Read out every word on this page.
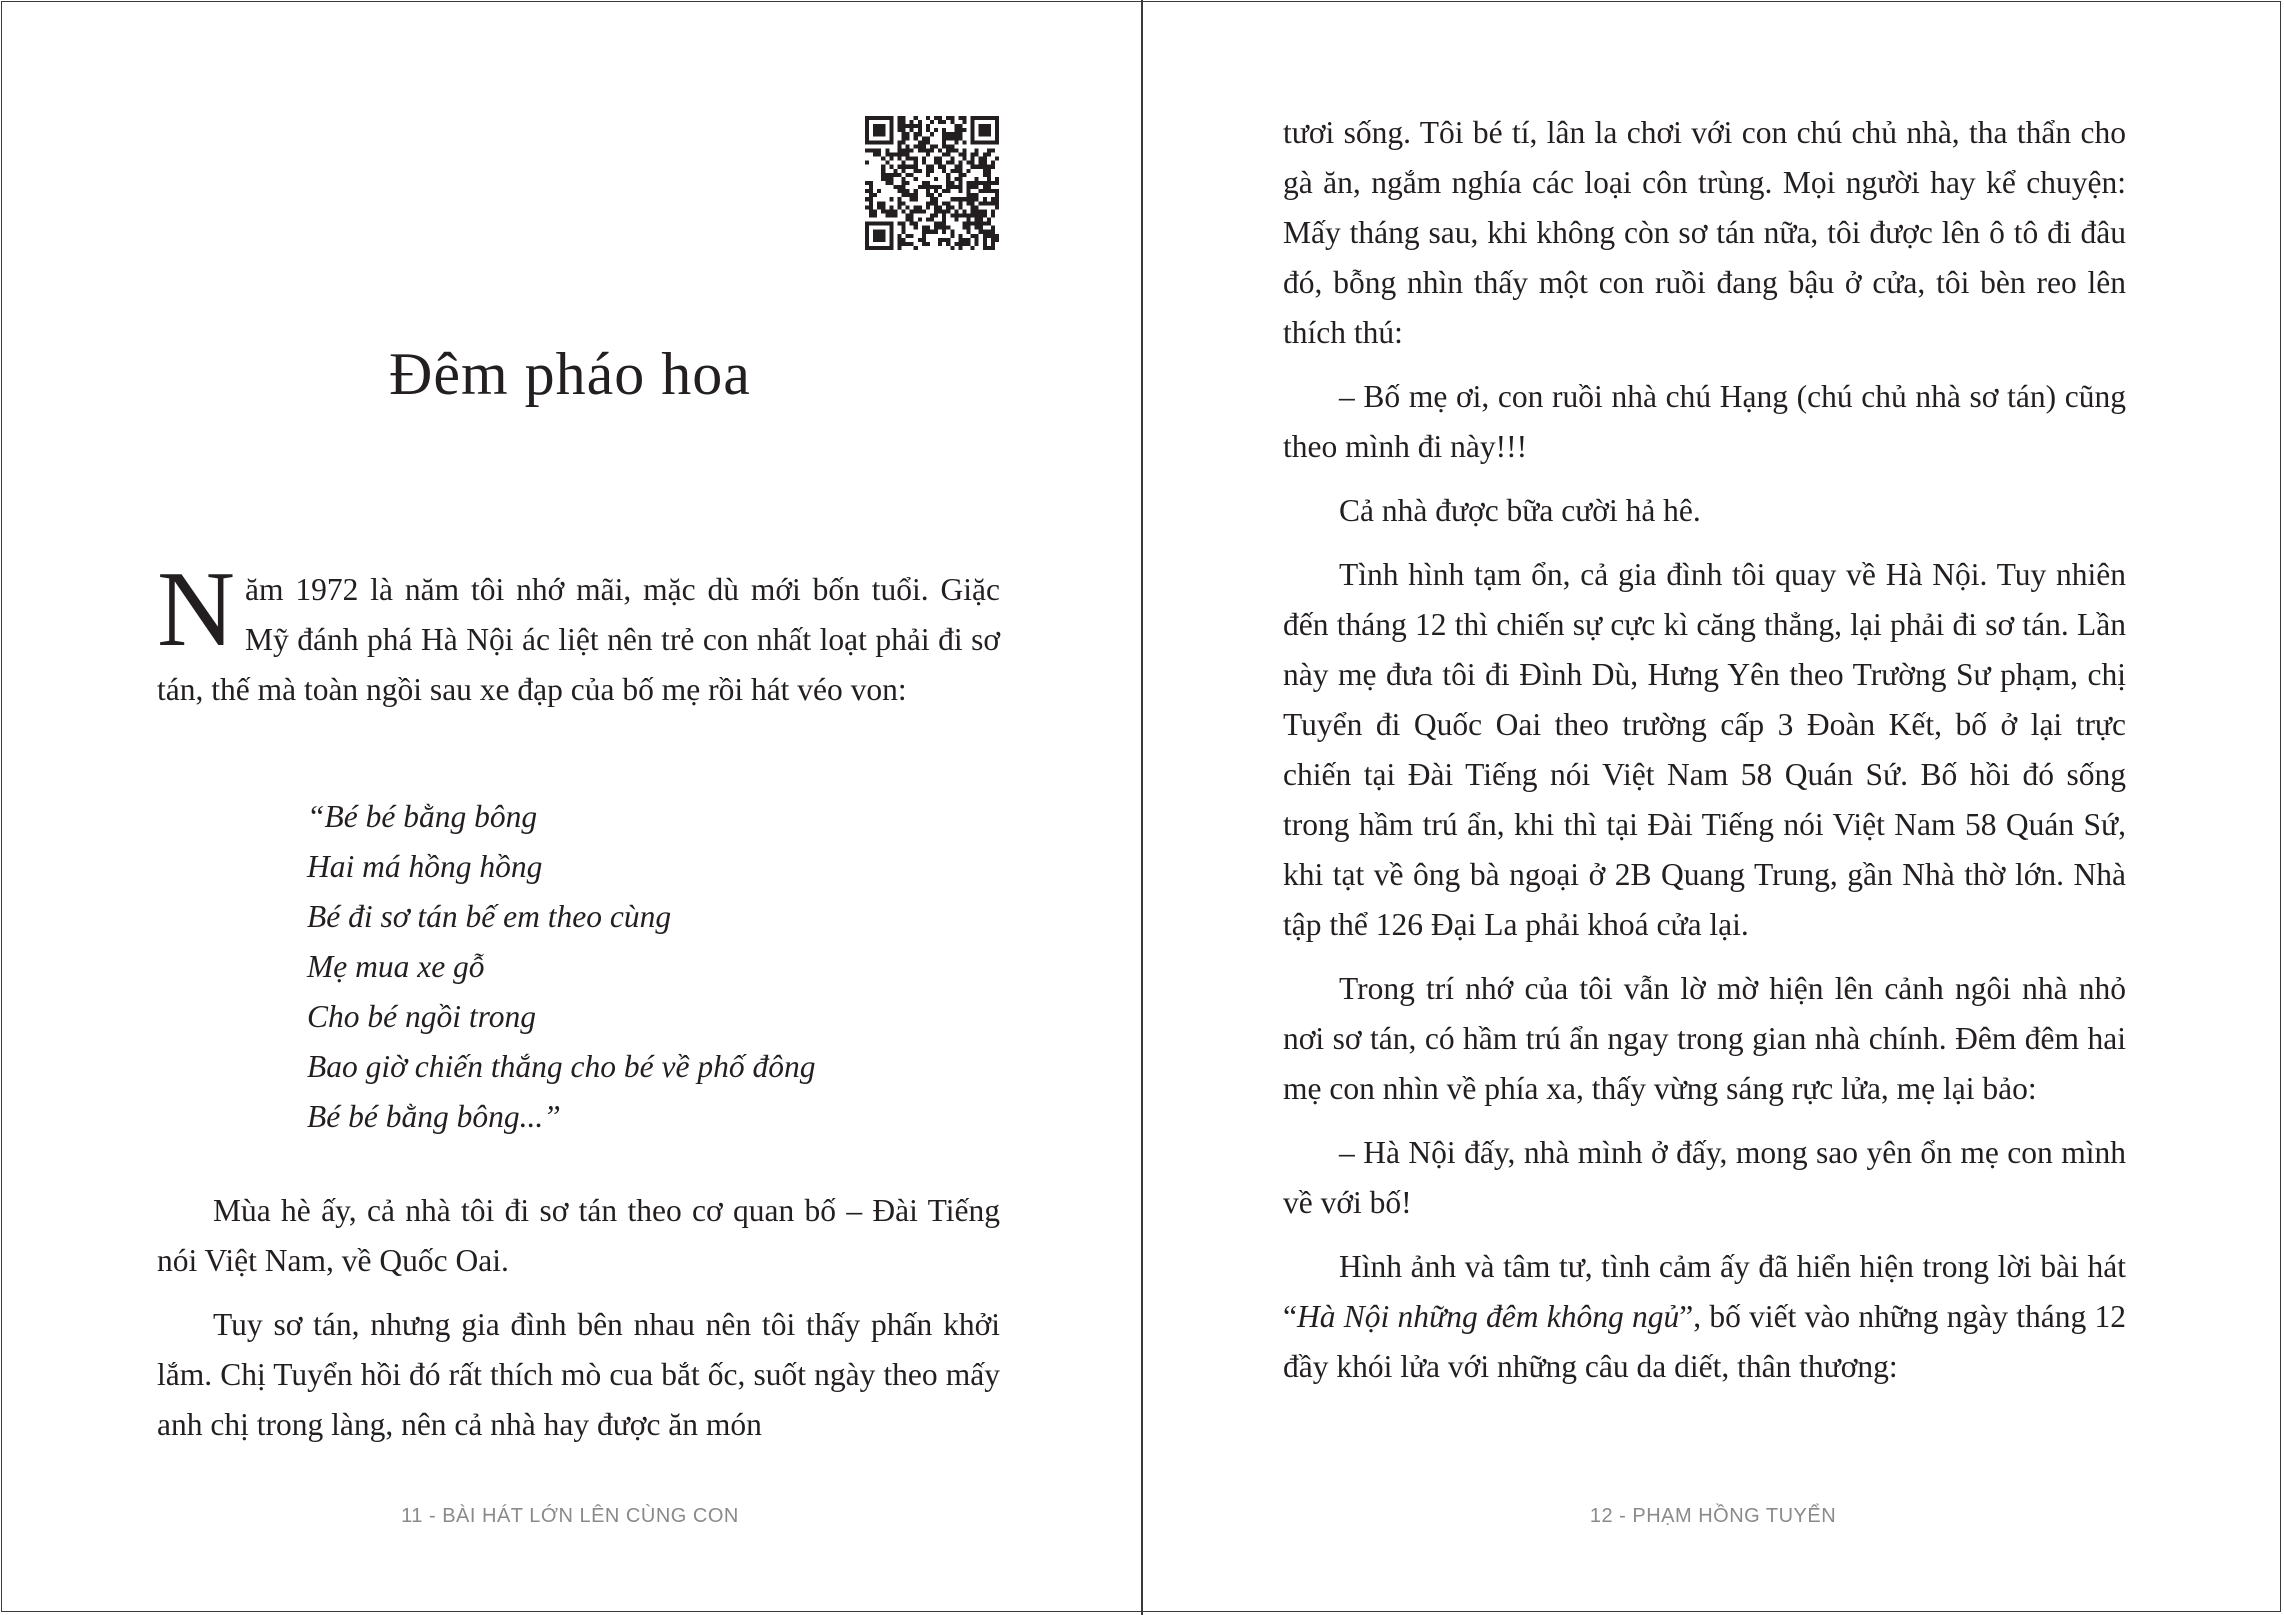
Đêm pháo hoa

Năm 1972 là năm tôi nhớ mãi, mặc dù mới bốn tuổi. Giặc Mỹ đánh phá Hà Nội ác liệt nên trẻ con nhất loạt phải đi sơ tán, thế mà toàn ngồi sau xe đạp của bố mẹ rồi hát véo von:

“Bé bé bằng bông
Hai má hồng hồng
Bé đi sơ tán bế em theo cùng
Mẹ mua xe gỗ
Cho bé ngồi trong
Bao giờ chiến thắng cho bé về phố đông
Bé bé bằng bông...”

Mùa hè ấy, cả nhà tôi đi sơ tán theo cơ quan bố – Đài Tiếng nói Việt Nam, về Quốc Oai.

Tuy sơ tán, nhưng gia đình bên nhau nên tôi thấy phấn khởi lắm. Chị Tuyển hồi đó rất thích mò cua bắt ốc, suốt ngày theo mấy anh chị trong làng, nên cả nhà hay được ăn món

11 - BÀI HÁT LỚN LÊN CÙNG CON	12 - PHẠM HỒNG TUYỂN

tươi sống. Tôi bé tí, lân la chơi với con chú chủ nhà, tha thẩn cho gà ăn, ngắm nghía các loại côn trùng. Mọi người hay kể chuyện: Mấy tháng sau, khi không còn sơ tán nữa, tôi được lên ô tô đi đâu đó, bỗng nhìn thấy một con ruồi đang bậu ở cửa, tôi bèn reo lên thích thú:

– Bố mẹ ơi, con ruồi nhà chú Hạng (chú chủ nhà sơ tán) cũng theo mình đi này!!!

Cả nhà được bữa cười hả hê.

Tình hình tạm ổn, cả gia đình tôi quay về Hà Nội. Tuy nhiên đến tháng 12 thì chiến sự cực kì căng thẳng, lại phải đi sơ tán. Lần này mẹ đưa tôi đi Đình Dù, Hưng Yên theo Trường Sư phạm, chị Tuyển đi Quốc Oai theo trường cấp 3 Đoàn Kết, bố ở lại trực chiến tại Đài Tiếng nói Việt Nam 58 Quán Sứ. Bố hồi đó sống trong hầm trú ẩn, khi thì tại Đài Tiếng nói Việt Nam 58 Quán Sứ, khi tạt về ông bà ngoại ở 2B Quang Trung, gần Nhà thờ lớn. Nhà tập thể 126 Đại La phải khoá cửa lại.

Trong trí nhớ của tôi vẫn lờ mờ hiện lên cảnh ngôi nhà nhỏ nơi sơ tán, có hầm trú ẩn ngay trong gian nhà chính. Đêm đêm hai mẹ con nhìn về phía xa, thấy vừng sáng rực lửa, mẹ lại bảo:

– Hà Nội đấy, nhà mình ở đấy, mong sao yên ổn mẹ con mình về với bố!

Hình ảnh và tâm tư, tình cảm ấy đã hiển hiện trong lời bài hát “Hà Nội những đêm không ngủ”, bố viết vào những ngày tháng 12 đầy khói lửa với những câu da diết, thân thương:
